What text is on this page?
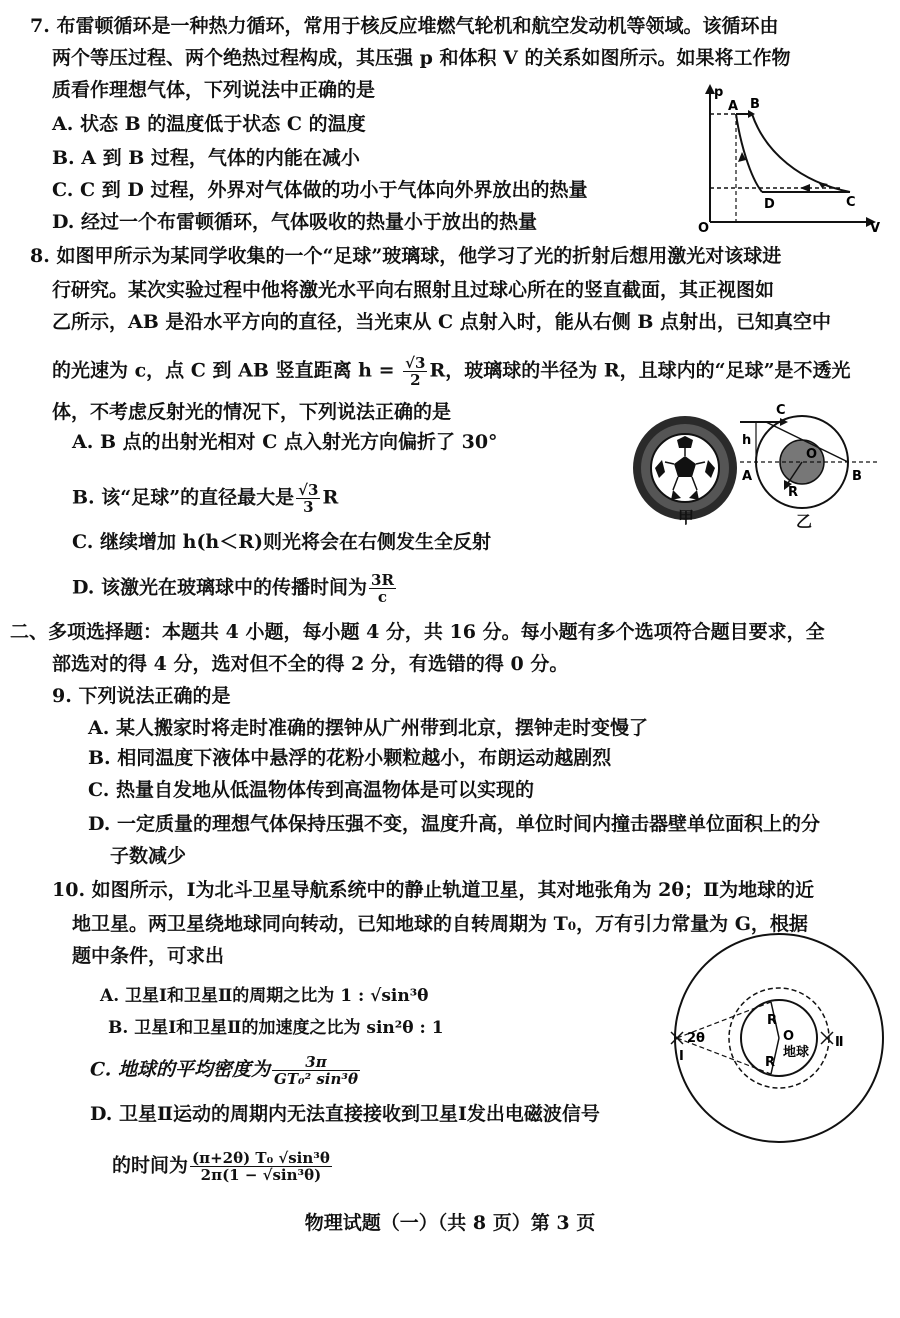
7. 布雷顿循环是一种热力循环，常用于核反应堆燃气轮机和航空发动机等领域。该循环由
两个等压过程、两个绝热过程构成，其压强 p 和体积 V 的关系如图所示。如果将工作物
质看作理想气体，下列说法中正确的是
A. 状态 B 的温度低于状态 C 的温度
B. A 到 B 过程，气体的内能在减小
C. C 到 D 过程，外界对气体做的功小于气体向外界放出的热量
D. 经过一个布雷顿循环，气体吸收的热量小于放出的热量
p
V
O
A B
C
D
8. 如图甲所示为某同学收集的一个“足球”玻璃球，他学习了光的折射后想用激光对该球进
行研究。某次实验过程中他将激光水平向右照射且过球心所在的竖直截面，其正视图如
乙所示，AB 是沿水平方向的直径，当光束从 C 点射入时，能从右侧 B 点射出，已知真空中
的光速为 c，点 C 到 AB 竖直距离 $h = \frac{√3}{2}$ R，玻璃球的半径为 R，且球内的“足球”是不透光
体，不考虑反射光的情况下，下列说法正确的是
A. B 点的出射光相对 C 点入射光方向偏折了 30°
B. 该“足球”的直径最大是 $\frac{√3}{3}$ R
C. 继续增加 h(h＜R)则光将会在右侧发生全反射
D. 该激光在玻璃球中的传播时间为 $\frac{3R}{c}$
甲
C
h
A	B
R
O
乙
二、多项选择题：本题共 4 小题，每小题 4 分，共 16 分。每小题有多个选项符合题目要求，全
部选对的得 4 分，选对但不全的得 2 分，有选错的得 0 分。
9. 下列说法正确的是
A. 某人搬家时将走时准确的摆钟从广州带到北京，摆钟走时变慢了
B. 相同温度下液体中悬浮的花粉小颗粒越小，布朗运动越剧烈
C. 热量自发地从低温物体传到高温物体是可以实现的
D. 一定质量的理想气体保持压强不变，温度升高，单位时间内撞击器壁单位面积上的分
子数减少
10. 如图所示，Ⅰ为北斗卫星导航系统中的静止轨道卫星，其对地张角为 2θ；Ⅱ为地球的近
地卫星。两卫星绕地球同向转动，已知地球的自转周期为 T₀，万有引力常量为 G，根据
题中条件，可求出
A. 卫星Ⅰ和卫星Ⅱ的周期之比为 1 : √sin³θ
B. 卫星Ⅰ和卫星Ⅱ的加速度之比为 sin²θ : 1
C. 地球的平均密度为 $\frac{3\pi}{\text{GT₀² sin³θ}}$
D. 卫星Ⅱ运动的周期内无法直接接收到卫星Ⅰ发出电磁波信号
的时间为 $\frac{\text{(π+2θ) T₀ √sin³θ}}{\text{2π(1 − √sin³θ)}}$
2θ
Ⅰ
Ⅱ
R
R
O
地球
物理试题（一）（共 8 页）第 3 页
